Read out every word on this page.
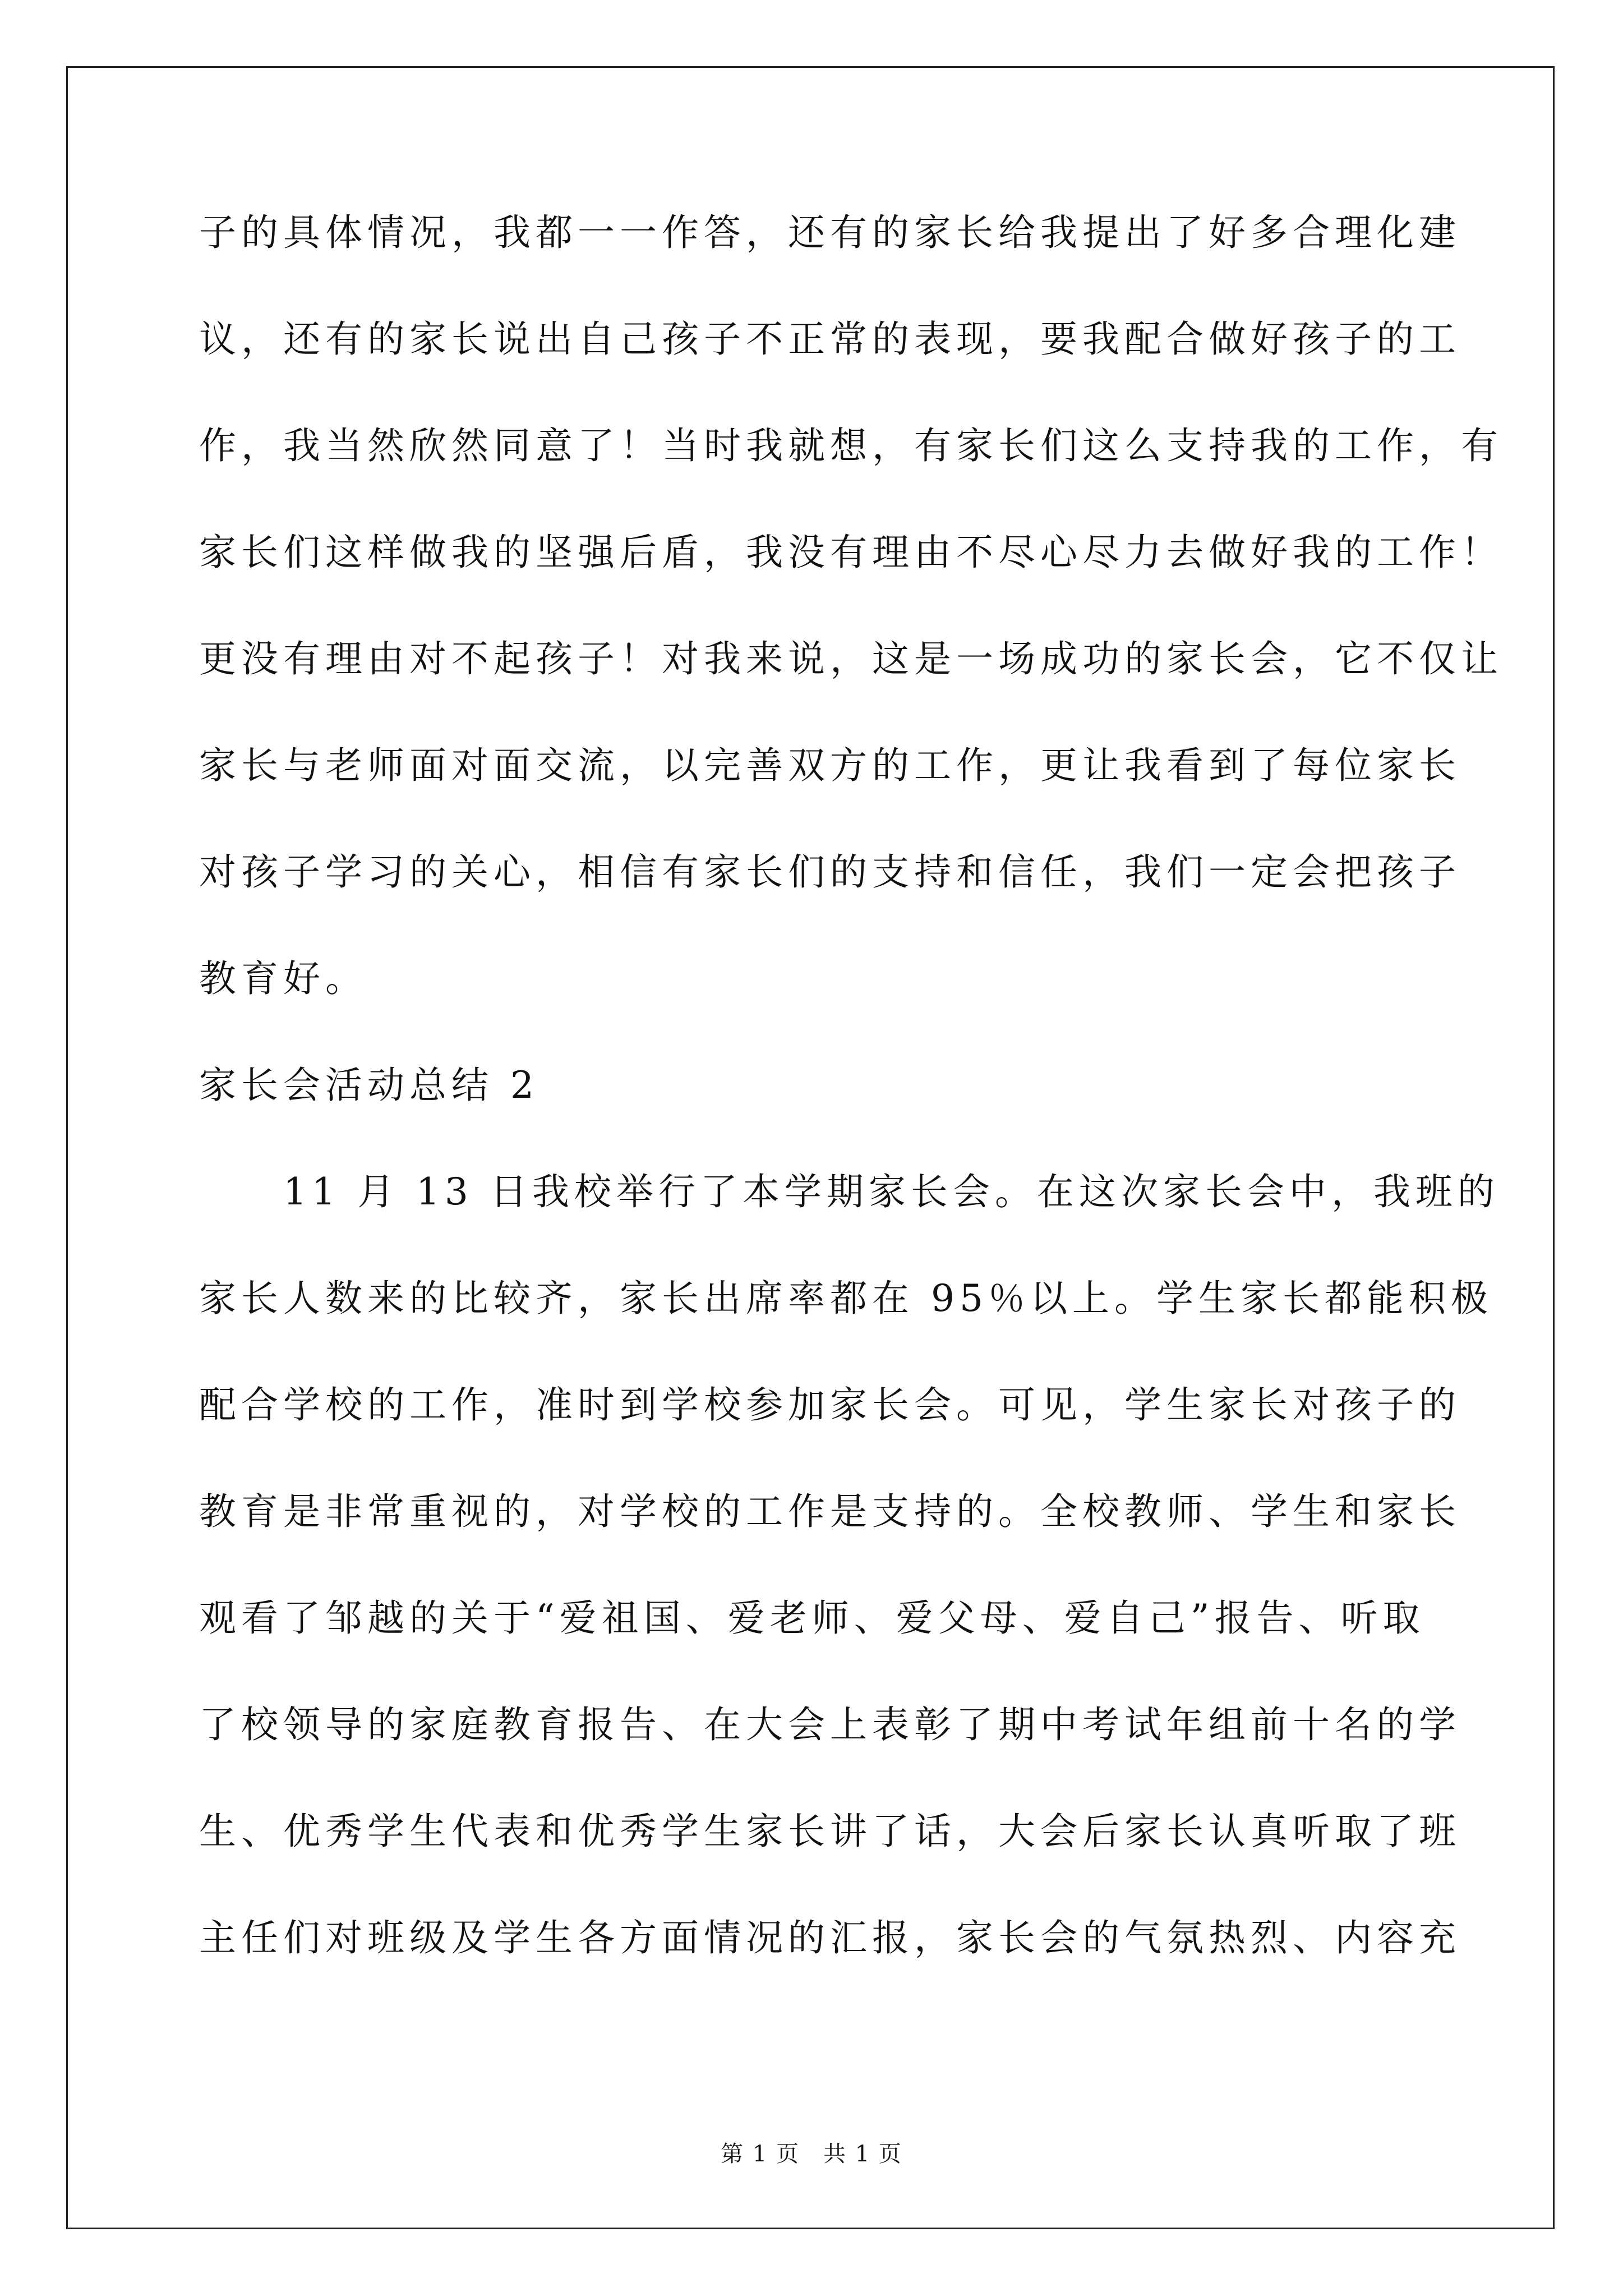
子的具体情况，我都一一作答，还有的家长给我提出了好多合理化建
议，还有的家长说出自己孩子不正常的表现，要我配合做好孩子的工
作，我当然欣然同意了！当时我就想，有家长们这么支持我的工作，有
家长们这样做我的坚强后盾，我没有理由不尽心尽力去做好我的工作！
更没有理由对不起孩子！对我来说，这是一场成功的家长会，它不仅让
家长与老师面对面交流，以完善双方的工作，更让我看到了每位家长
对孩子学习的关心，相信有家长们的支持和信任，我们一定会把孩子
教育好。
家长会活动总结 2
　　11 月 13 日我校举行了本学期家长会。在这次家长会中，我班的
家长人数来的比较齐，家长出席率都在 95％以上。学生家长都能积极
配合学校的工作，准时到学校参加家长会。可见，学生家长对孩子的
教育是非常重视的，对学校的工作是支持的。全校教师、学生和家长
观看了邹越的关于“爱祖国、爱老师、爱父母、爱自己”报告、听取
了校领导的家庭教育报告、在大会上表彰了期中考试年组前十名的学
生、优秀学生代表和优秀学生家长讲了话，大会后家长认真听取了班
主任们对班级及学生各方面情况的汇报，家长会的气氛热烈、内容充
第 1 页　共 1 页
